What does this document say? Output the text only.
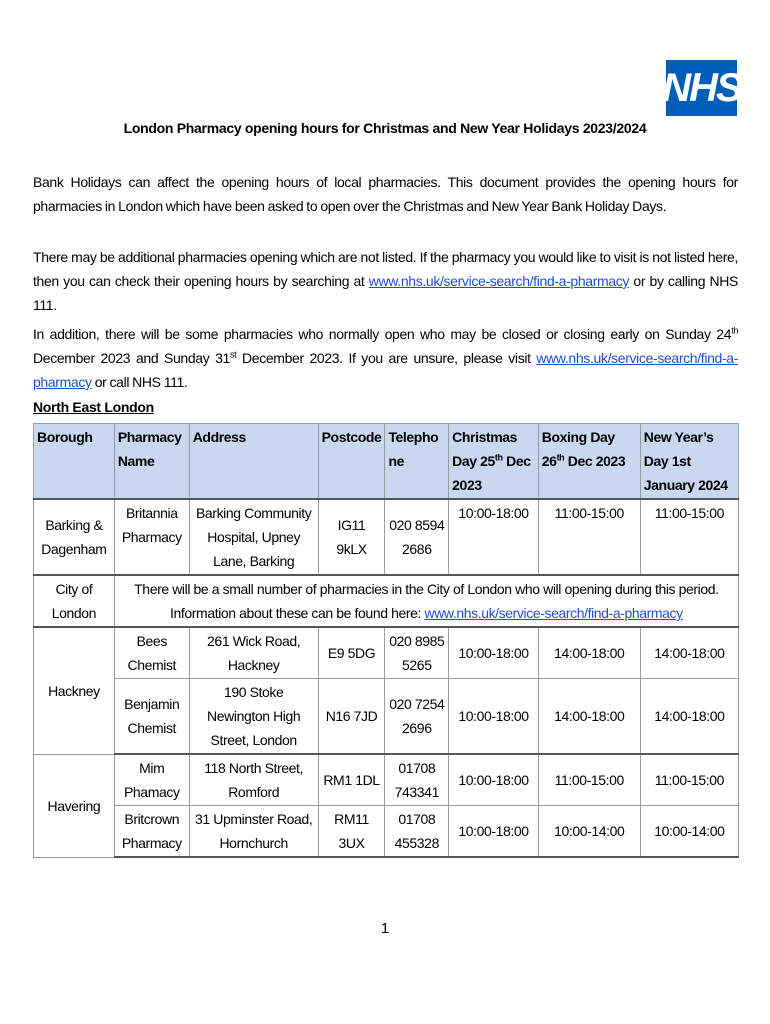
NHS
London Pharmacy opening hours for Christmas and New Year Holidays 2023/2024
Bank Holidays can affect the opening hours of local pharmacies. This document provides the opening hours for pharmacies in London which have been asked to open over the Christmas and New Year Bank Holiday Days.
There may be additional pharmacies opening which are not listed. If the pharmacy you would like to visit is not listed here, then you can check their opening hours by searching at www.nhs.uk/service-search/find-a-pharmacy or by calling NHS 111.
In addition, there will be some pharmacies who normally open who may be closed or closing early on Sunday 24th December 2023 and Sunday 31st December 2023. If you are unsure, please visit www.nhs.uk/service-search/find-a-pharmacy or call NHS 111.
North East London
Borough	Pharmacy Name	Address	Postcode	Telephone	Christmas Day 25th Dec 2023	Boxing Day 26th Dec 2023	New Year’s Day 1st January 2024
Barking & Dagenham	Britannia Pharmacy	Barking Community Hospital, Upney Lane, Barking	IG11 9kLX	020 8594 2686	10:00-18:00	11:00-15:00	11:00-15:00
City of London	There will be a small number of pharmacies in the City of London who will opening during this period. Information about these can be found here: www.nhs.uk/service-search/find-a-pharmacy						
Hackney	Bees Chemist	261 Wick Road, Hackney	E9 5DG	020 8985 5265	10:00-18:00	14:00-18:00	14:00-18:00
	Benjamin Chemist	190 Stoke Newington High Street, London	N16 7JD	020 7254 2696	10:00-18:00	14:00-18:00	14:00-18:00
Havering	Mim Phamacy	118 North Street, Romford	RM1 1DL	01708 743341	10:00-18:00	11:00-15:00	11:00-15:00
	Britcrown Pharmacy	31 Upminster Road, Hornchurch	RM11 3UX	01708 455328	10:00-18:00	10:00-14:00	10:00-14:00
1
